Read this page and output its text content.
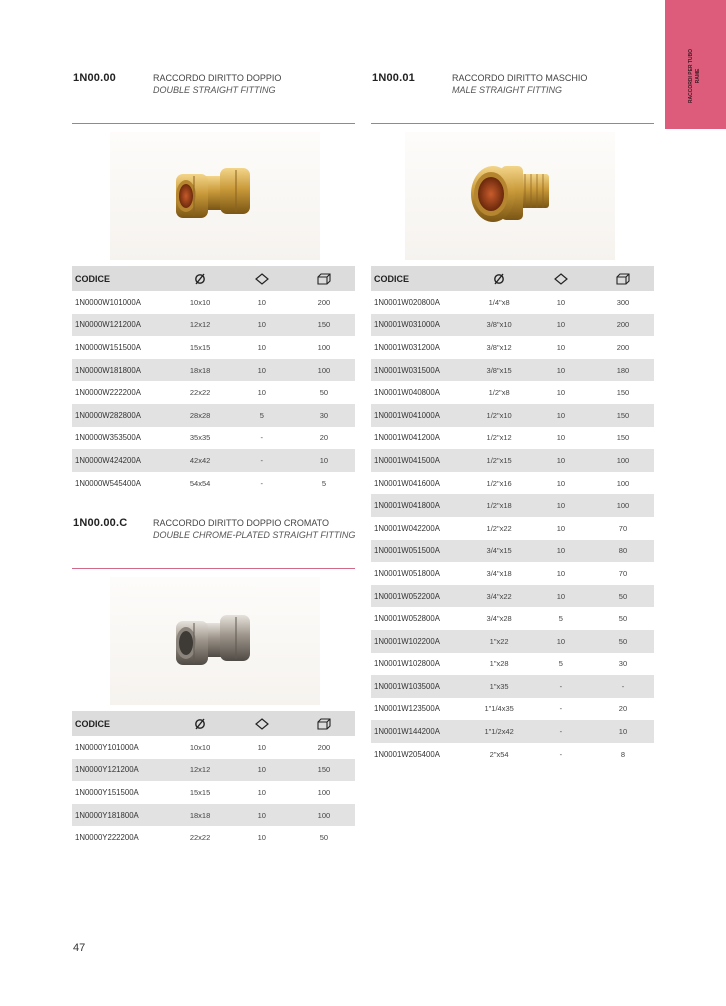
RACCORDI PER TUBO RAME
1N00.00	RACCORDO DIRITTO DOPPIO
DOUBLE STRAIGHT FITTING
CODICE			
1N0000W101000A	10x10	10	200
1N0000W121200A	12x12	10	150
1N0000W151500A	15x15	10	100
1N0000W181800A	18x18	10	100
1N0000W222200A	22x22	10	50
1N0000W282800A	28x28	5	30
1N0000W353500A	35x35	-	20
1N0000W424200A	42x42	-	10
1N0000W545400A	54x54	-	5
1N00.01	RACCORDO DIRITTO MASCHIO
MALE STRAIGHT FITTING
CODICE			
1N0001W020800A	1/4"x8	10	300
1N0001W031000A	3/8"x10	10	200
1N0001W031200A	3/8"x12	10	200
1N0001W031500A	3/8"x15	10	180
1N0001W040800A	1/2"x8	10	150
1N0001W041000A	1/2"x10	10	150
1N0001W041200A	1/2"x12	10	150
1N0001W041500A	1/2"x15	10	100
1N0001W041600A	1/2"x16	10	100
1N0001W041800A	1/2"x18	10	100
1N0001W042200A	1/2"x22	10	70
1N0001W051500A	3/4"x15	10	80
1N0001W051800A	3/4"x18	10	70
1N0001W052200A	3/4"x22	10	50
1N0001W052800A	3/4"x28	5	50
1N0001W102200A	1"x22	10	50
1N0001W102800A	1"x28	5	30
1N0001W103500A	1"x35	-	-
1N0001W123500A	1"1/4x35	-	20
1N0001W144200A	1"1/2x42	-	10
1N0001W205400A	2"x54	-	8
1N00.00.C	RACCORDO DIRITTO DOPPIO CROMATO
DOUBLE CHROME-PLATED STRAIGHT FITTING
CODICE			
1N0000Y101000A	10x10	10	200
1N0000Y121200A	12x12	10	150
1N0000Y151500A	15x15	10	100
1N0000Y181800A	18x18	10	100
1N0000Y222200A	22x22	10	50
47
